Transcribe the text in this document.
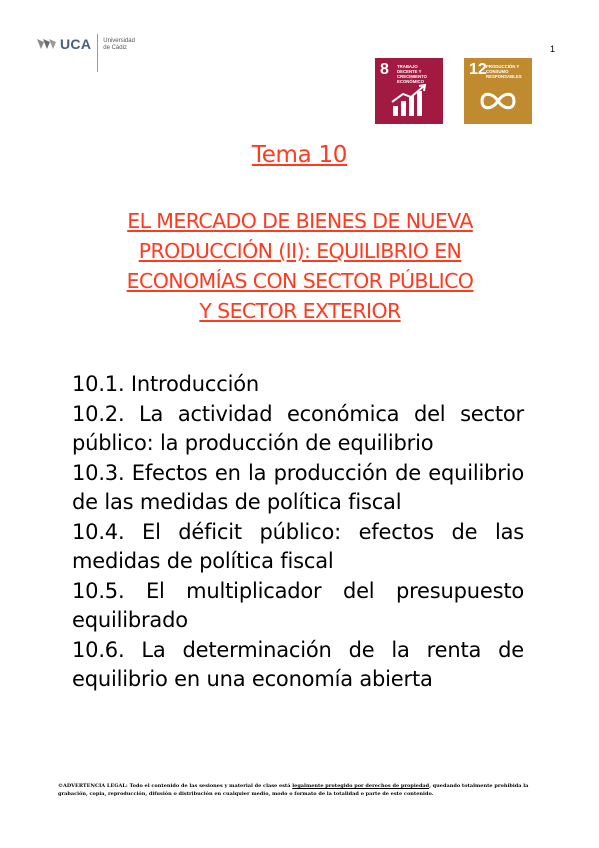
UCA Universidad
de Cádiz	1
8 TRABAJO DECENTE Y CRECIMIENTO ECONÓMICO
12 PRODUCCIÓN Y CONSUMO RESPONSABLES
Tema 10
EL MERCADO DE BIENES DE NUEVA
PRODUCCIÓN (II): EQUILIBRIO EN
ECONOMÍAS CON SECTOR PÚBLICO
Y SECTOR EXTERIOR
10.1. Introducción
10.2. La actividad económica del sector público: la producción de equilibrio
10.3. Efectos en la producción de equilibrio de las medidas de política fiscal
10.4. El déficit público: efectos de las medidas de política fiscal
10.5. El multiplicador del presupuesto equilibrado
10.6. La determinación de la renta de equilibrio en una economía abierta
©ADVERTENCIA LEGAL: Todo el contenido de las sesiones y material de clase está legalmente protegido por derechos de propiedad, quedando totalmente prohibida la grabación, copia, reproducción, difusión o distribución en cualquier medio, modo o formato de la totalidad o parte de este contenido.
